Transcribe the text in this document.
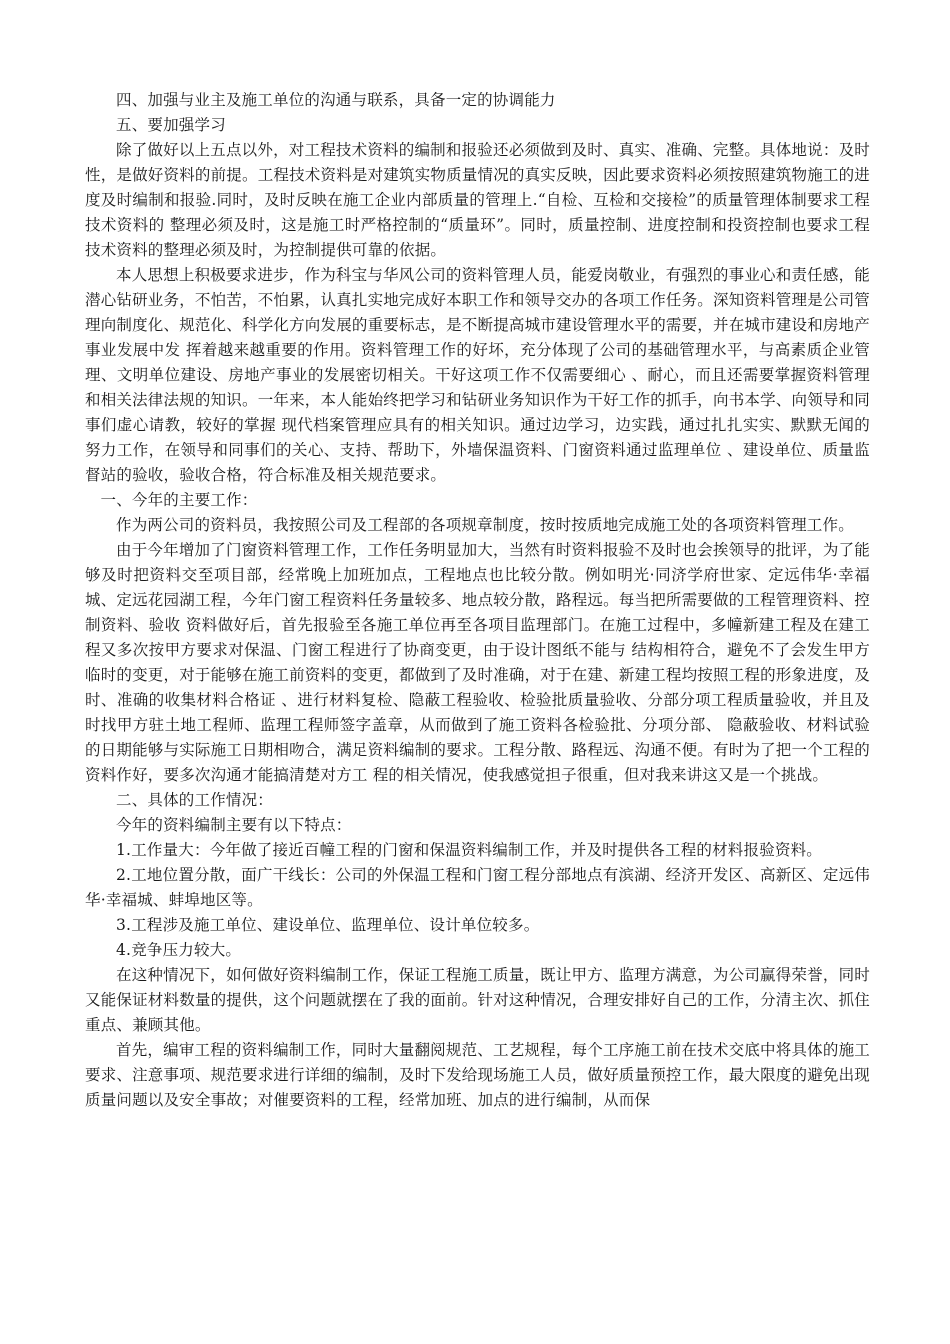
四、加强与业主及施工单位的沟通与联系，具备一定的协调能力

五、要加强学习

除了做好以上五点以外，对工程技术资料的编制和报验还必须做到及时、真实、准确、完整。具体地说：及时性，是做好资料的前提。工程技术资料是对建筑实物质量情况的真实反映，因此要求资料必须按照建筑物施工的进度及时编制和报验.同时，及时反映在施工企业内部质量的管理上.“自检、互检和交接检”的质量管理体制要求工程技术资料的 整理必须及时，这是施工时严格控制的“质量环”。同时，质量控制、进度控制和投资控制也要求工程技术资料的整理必须及时，为控制提供可靠的依据。

本人思想上积极要求进步，作为科宝与华风公司的资料管理人员，能爱岗敬业，有强烈的事业心和责任感，能潜心钻研业务，不怕苦，不怕累，认真扎实地完成好本职工作和领导交办的各项工作任务。深知资料管理是公司管理向制度化、规范化、科学化方向发展的重要标志，是不断提高城市建设管理水平的需要，并在城市建设和房地产事业发展中发 挥着越来越重要的作用。资料管理工作的好坏，充分体现了公司的基础管理水平，与高素质企业管理、文明单位建设、房地产事业的发展密切相关。干好这项工作不仅需要细心 、耐心，而且还需要掌握资料管理和相关法律法规的知识。一年来，本人能始终把学习和钻研业务知识作为干好工作的抓手，向书本学、向领导和同事们虚心请教，较好的掌握 现代档案管理应具有的相关知识。通过边学习，边实践，通过扎扎实实、默默无闻的努力工作，在领导和同事们的关心、支持、帮助下，外墙保温资料、门窗资料通过监理单位 、建设单位、质量监督站的验收，验收合格，符合标准及相关规范要求。

一、今年的主要工作：

作为两公司的资料员，我按照公司及工程部的各项规章制度，按时按质地完成施工处的各项资料管理工作。

由于今年增加了门窗资料管理工作，工作任务明显加大，当然有时资料报验不及时也会挨领导的批评，为了能够及时把资料交至项目部，经常晚上加班加点，工程地点也比较分散。例如明光·同济学府世家、定远伟华·幸福城、定远花园湖工程，今年门窗工程资料任务量较多、地点较分散，路程远。每当把所需要做的工程管理资料、控制资料、验收 资料做好后，首先报验至各施工单位再至各项目监理部门。在施工过程中，多幢新建工程及在建工程又多次按甲方要求对保温、门窗工程进行了协商变更，由于设计图纸不能与 结构相符合，避免不了会发生甲方临时的变更，对于能够在施工前资料的变更，都做到了及时准确，对于在建、新建工程均按照工程的形象进度，及时、准确的收集材料合格证 、进行材料复检、隐蔽工程验收、检验批质量验收、分部分项工程质量验收，并且及时找甲方驻土地工程师、监理工程师签字盖章，从而做到了施工资料各检验批、分项分部、 隐蔽验收、材料试验的日期能够与实际施工日期相吻合，满足资料编制的要求。工程分散、路程远、沟通不便。有时为了把一个工程的资料作好，要多次沟通才能搞清楚对方工 程的相关情况，使我感觉担子很重，但对我来讲这又是一个挑战。

二、具体的工作情况：

今年的资料编制主要有以下特点：

1.工作量大：今年做了接近百幢工程的门窗和保温资料编制工作，并及时提供各工程的材料报验资料。

2.工地位置分散，面广干线长：公司的外保温工程和门窗工程分部地点有滨湖、经济开发区、高新区、定远伟华·幸福城、蚌埠地区等。

3.工程涉及施工单位、建设单位、监理单位、设计单位较多。

4.竞争压力较大。

在这种情况下，如何做好资料编制工作，保证工程施工质量，既让甲方、监理方满意，为公司赢得荣誉，同时又能保证材料数量的提供，这个问题就摆在了我的面前。针对这种情况，合理安排好自己的工作，分清主次、抓住重点、兼顾其他。

首先，编审工程的资料编制工作，同时大量翻阅规范、工艺规程，每个工序施工前在技术交底中将具体的施工要求、注意事项、规范要求进行详细的编制，及时下发给现场施工人员，做好质量预控工作，最大限度的避免出现质量问题以及安全事故；对催要资料的工程，经常加班、加点的进行编制，从而保
